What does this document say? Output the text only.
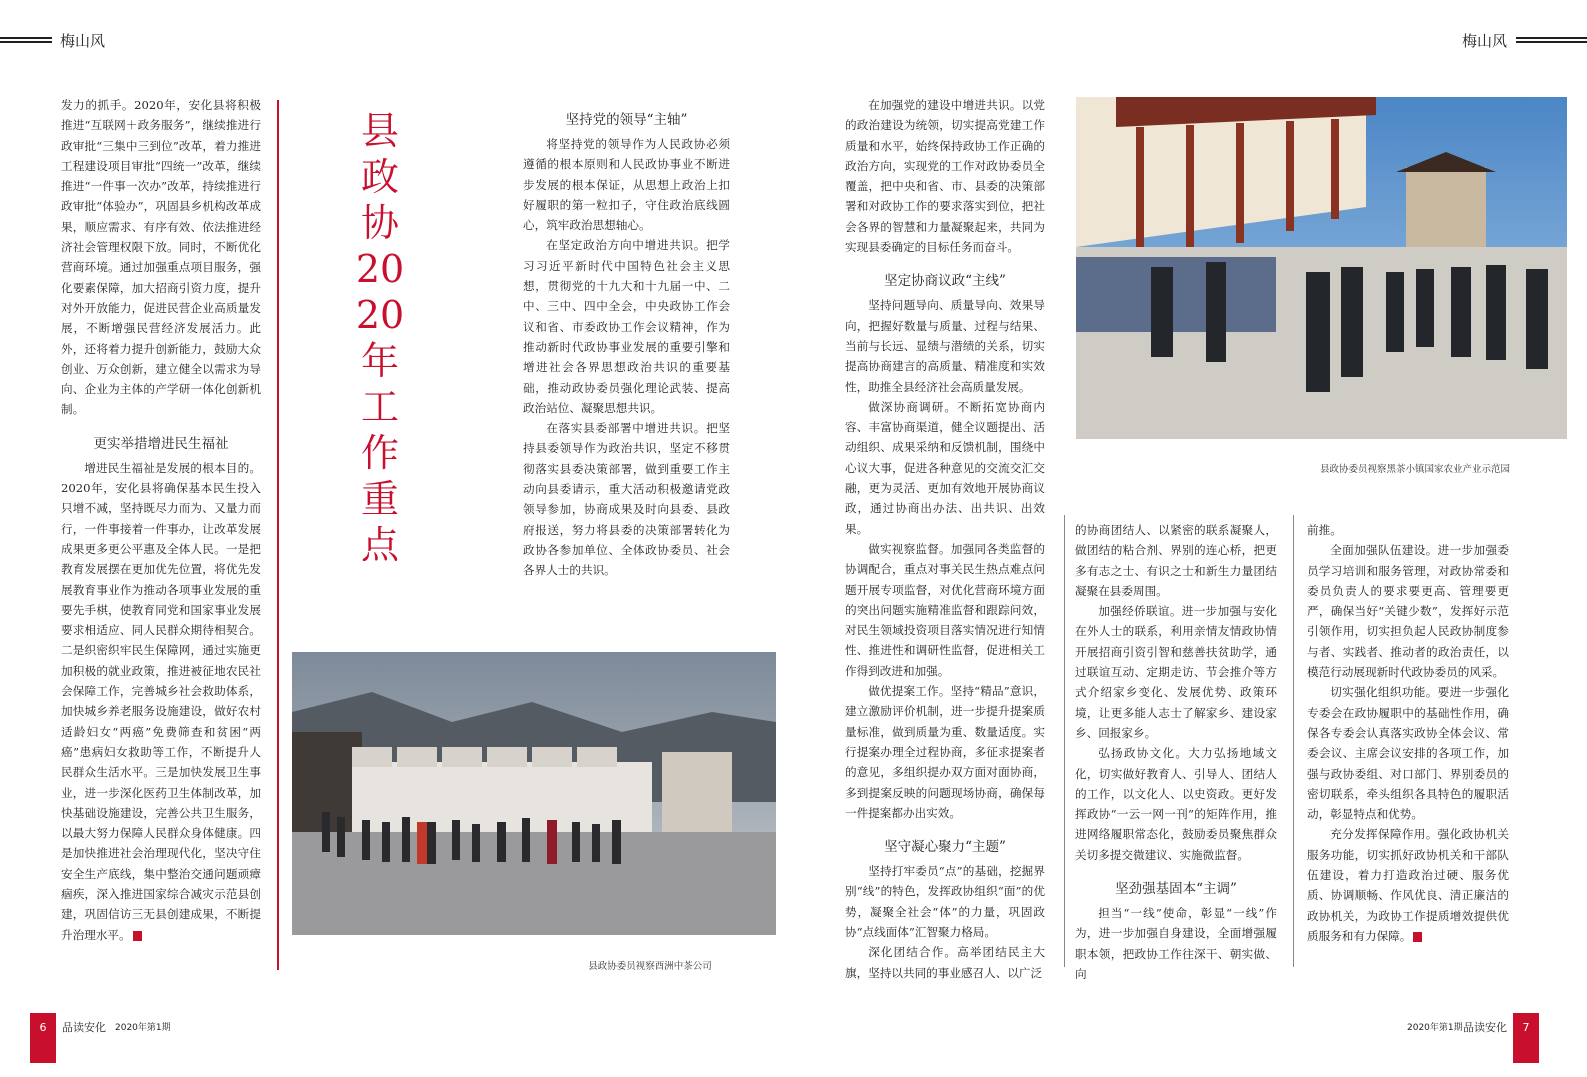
梅山风	梅山风

发力的抓手。2020年，安化县将积极推进“互联网＋政务服务”，继续推进行政审批“三集中三到位”改革，着力推进工程建设项目审批“四统一”改革，继续推进“一件事一次办”改革，持续推进行政审批“体验办”，巩固县乡机构改革成果，顺应需求、有序有效、依法推进经济社会管理权限下放。同时，不断优化营商环境。通过加强重点项目服务，强化要素保障，加大招商引资力度，提升对外开放能力，促进民营企业高质量发展，不断增强民营经济发展活力。此外，还将着力提升创新能力，鼓励大众创业、万众创新，建立健全以需求为导向、企业为主体的产学研一体化创新机制。

更实举措增进民生福祉

增进民生福祉是发展的根本目的。2020年，安化县将确保基本民生投入只增不减，坚持既尽力而为、又量力而行，一件事接着一件事办，让改革发展成果更多更公平惠及全体人民。一是把教育发展摆在更加优先位置，将优先发展教育事业作为推动各项事业发展的重要先手棋，使教育同党和国家事业发展要求相适应、同人民群众期待相契合。二是织密织牢民生保障网，通过实施更加积极的就业政策，推进被征地农民社会保障工作，完善城乡社会救助体系，加快城乡养老服务设施建设，做好农村适龄妇女“两癌”免费筛查和贫困“两癌”患病妇女救助等工作，不断提升人民群众生活水平。三是加快发展卫生事业，进一步深化医药卫生体制改革，加快基础设施建设，完善公共卫生服务，以最大努力保障人民群众身体健康。四是加快推进社会治理现代化，坚决守住安全生产底线，集中整治交通问题顽瘴痼疾，深入推进国家综合减灾示范县创建，巩固信访三无县创建成果，不断提升治理水平。	A

县政协2020年工作重点
坚持党的领导“主轴”

将坚持党的领导作为人民政协必须遵循的根本原则和人民政协事业不断进步发展的根本保证，从思想上政治上扣好履职的第一粒扣子，守住政治底线圆心，筑牢政治思想轴心。

在坚定政治方向中增进共识。把学习习近平新时代中国特色社会主义思想，贯彻党的十九大和十九届一中、二中、三中、四中全会，中央政协工作会议和省、市委政协工作会议精神，作为推动新时代政协事业发展的重要引擎和增进社会各界思想政治共识的重要基础，推动政协委员强化理论武装、提高政治站位、凝聚思想共识。

在落实县委部署中增进共识。把坚持县委领导作为政治共识，坚定不移贯彻落实县委决策部署，做到重要工作主动向县委请示，重大活动积极邀请党政领导参加，协商成果及时向县委、县政府报送，努力将县委的决策部署转化为政协各参加单位、全体政协委员、社会各界人士的共识。

县政协委员视察酉洲中茶公司

在加强党的建设中增进共识。以党的政治建设为统领，切实提高党建工作质量和水平，始终保持政协工作正确的政治方向，实现党的工作对政协委员全覆盖，把中央和省、市、县委的决策部署和对政协工作的要求落实到位，把社会各界的智慧和力量凝聚起来，共同为实现县委确定的目标任务而奋斗。

坚定协商议政“主线”

坚持问题导向、质量导向、效果导向，把握好数量与质量、过程与结果、当前与长远、显绩与潜绩的关系，切实提高协商建言的高质量、精准度和实效性，助推全县经济社会高质量发展。

做深协商调研。不断拓宽协商内容、丰富协商渠道，健全议题提出、活动组织、成果采纳和反馈机制，围绕中心议大事，促进各种意见的交流交汇交融，更为灵活、更加有效地开展协商议政，通过协商出办法、出共识、出效果。

做实视察监督。加强同各类监督的协调配合，重点对事关民生热点难点问题开展专项监督，对优化营商环境方面的突出问题实施精准监督和跟踪问效，对民生领域投资项目落实情况进行知情性、推进性和调研性监督，促进相关工作得到改进和加强。

做优提案工作。坚持“精品”意识，建立激励评价机制，进一步提升提案质量标准，做到质量为重、数量适度。实行提案办理全过程协商，多征求提案者的意见，多组织提办双方面对面协商，多到提案反映的问题现场协商，确保每一件提案都办出实效。

坚守凝心聚力“主题”

坚持打牢委员“点”的基础，挖掘界别“线”的特色，发挥政协组织“面”的优势，凝聚全社会“体”的力量，巩固政协“点线面体”汇智聚力格局。

深化团结合作。高举团结民主大旗，坚持以共同的事业感召人、以广泛

县政协委员视察黑茶小镇国家农业产业示范园

的协商团结人、以紧密的联系凝聚人，做团结的粘合剂、界别的连心桥，把更多有志之士、有识之士和新生力量团结凝聚在县委周围。

加强经侨联谊。进一步加强与安化在外人士的联系，利用亲情友情政协情开展招商引资引智和慈善扶贫助学，通过联谊互动、定期走访、节会推介等方式介绍家乡变化、发展优势、政策环境，让更多能人志士了解家乡、建设家乡、回报家乡。

弘扬政协文化。大力弘扬地域文化，切实做好教育人、引导人、团结人的工作，以文化人、以史资政。更好发挥政协“一云一网一刊”的矩阵作用，推进网络履职常态化，鼓励委员聚焦群众关切多提交微建议、实施微监督。

坚劲强基固本“主调”

担当“一线”使命，彰显“一线”作为，进一步加强自身建设，全面增强履职本领，把政协工作往深干、朝实做、向

前推。

全面加强队伍建设。进一步加强委员学习培训和服务管理，对政协常委和委员负责人的要求要更高、管理要更严，确保当好“关键少数”，发挥好示范引领作用，切实担负起人民政协制度参与者、实践者、推动者的政治责任，以模范行动展现新时代政协委员的风采。

切实强化组织功能。要进一步强化专委会在政协履职中的基础性作用，确保各专委会认真落实政协全体会议、常委会议、主席会议安排的各项工作，加强与政协委组、对口部门、界别委员的密切联系，牵头组织各具特色的履职活动，彰显特点和优势。

充分发挥保障作用。强化政协机关服务功能，切实抓好政协机关和干部队伍建设，着力打造政治过硬、服务优质、协调顺畅、作风优良、清正廉洁的政协机关，为政协工作提质增效提供优质服务和有力保障。	A

6	品读安化 2020年第1期	2020年第1期 品读安化	7
